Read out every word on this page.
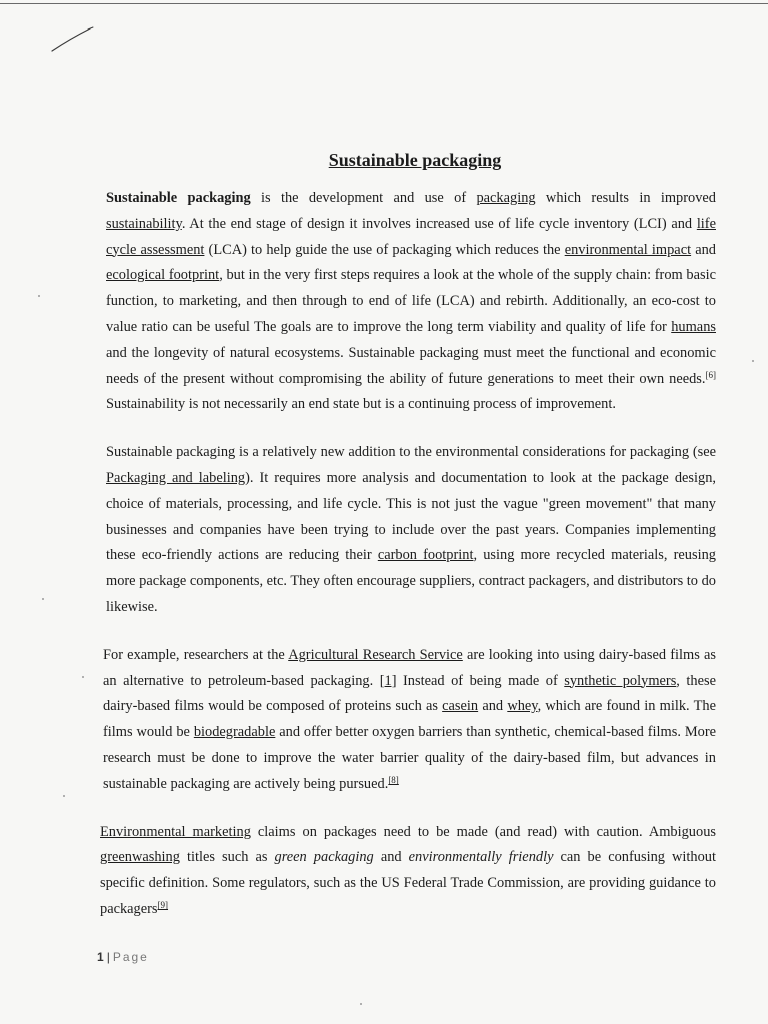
Sustainable packaging

Sustainable packaging is the development and use of packaging which results in improved sustainability. At the end stage of design it involves increased use of life cycle inventory (LCI) and life cycle assessment (LCA) to help guide the use of packaging which reduces the environmental impact and ecological footprint, but in the very first steps requires a look at the whole of the supply chain: from basic function, to marketing, and then through to end of life (LCA) and rebirth. Additionally, an eco-cost to value ratio can be useful The goals are to improve the long term viability and quality of life for humans and the longevity of natural ecosystems. Sustainable packaging must meet the functional and economic needs of the present without compromising the ability of future generations to meet their own needs.[6] Sustainability is not necessarily an end state but is a continuing process of improvement.

Sustainable packaging is a relatively new addition to the environmental considerations for packaging (see Packaging and labeling). It requires more analysis and documentation to look at the package design, choice of materials, processing, and life cycle. This is not just the vague "green movement" that many businesses and companies have been trying to include over the past years. Companies implementing these eco-friendly actions are reducing their carbon footprint, using more recycled materials, reusing more package components, etc. They often encourage suppliers, contract packagers, and distributors to do likewise.

For example, researchers at the Agricultural Research Service are looking into using dairy-based films as an alternative to petroleum-based packaging. [1] Instead of being made of synthetic polymers, these dairy-based films would be composed of proteins such as casein and whey, which are found in milk. The films would be biodegradable and offer better oxygen barriers than synthetic, chemical-based films. More research must be done to improve the water barrier quality of the dairy-based film, but advances in sustainable packaging are actively being pursued.[8]

Environmental marketing claims on packages need to be made (and read) with caution. Ambiguous greenwashing titles such as green packaging and environmentally friendly can be confusing without specific definition. Some regulators, such as the US Federal Trade Commission, are providing guidance to packagers[9]

1 | Page
